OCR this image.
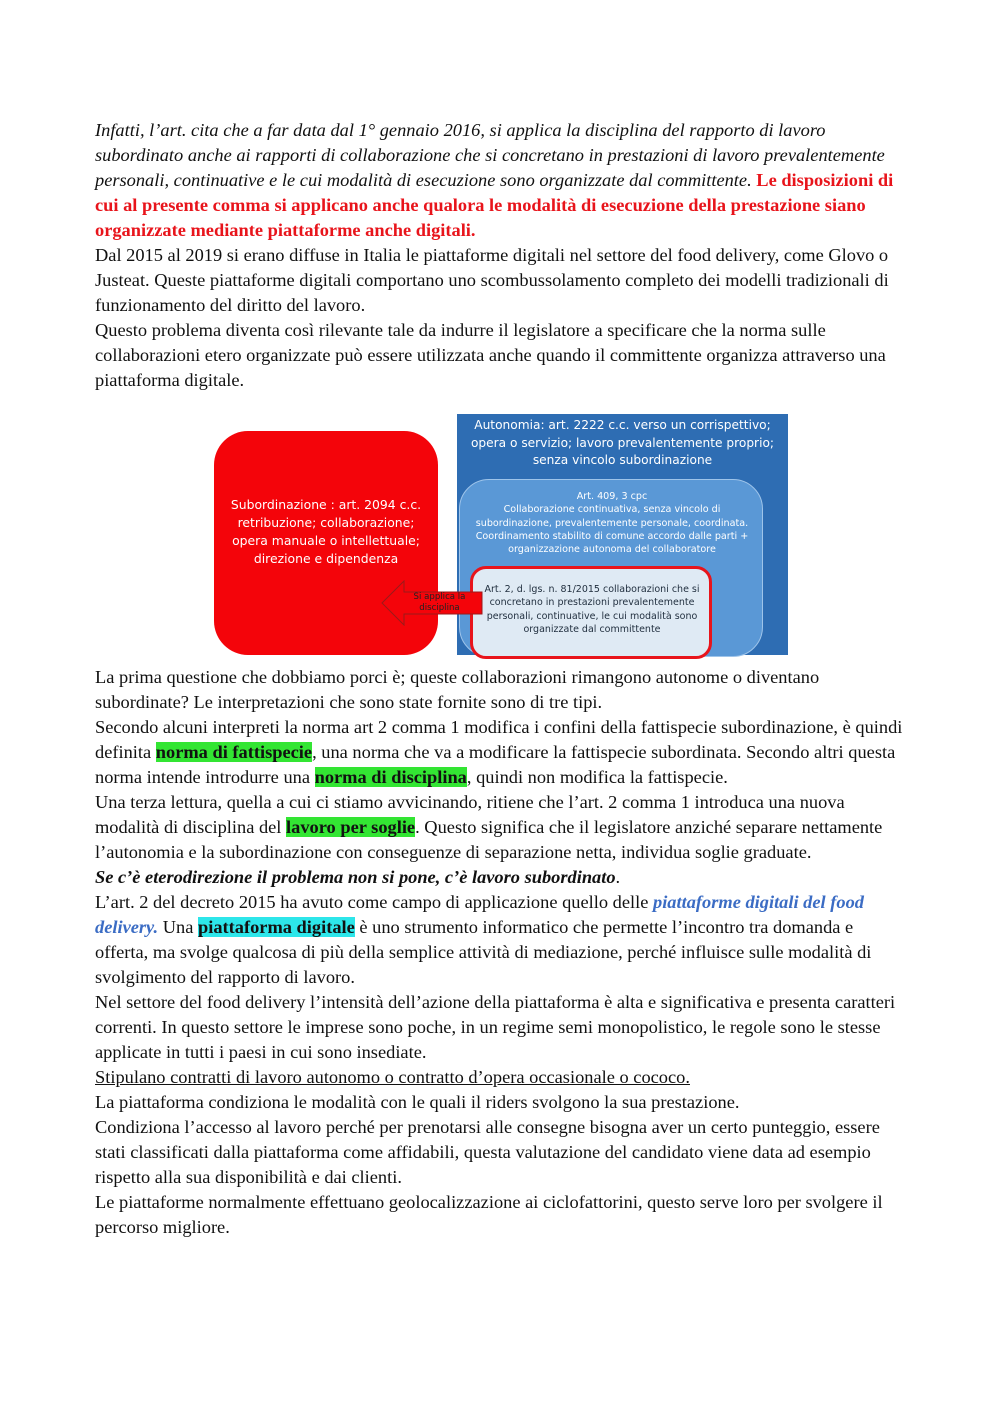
Infatti, l’art. cita che a far data dal 1° gennaio 2016, si applica la disciplina del rapporto di lavoro subordinato anche ai rapporti di collaborazione che si concretano in prestazioni di lavoro prevalentemente personali, continuative e le cui modalità di esecuzione sono organizzate dal committente. Le disposizioni di cui al presente comma si applicano anche qualora le modalità di esecuzione della prestazione siano organizzate mediante piattaforme anche digitali.

Dal 2015 al 2019 si erano diffuse in Italia le piattaforme digitali nel settore del food delivery, come Glovo o Justeat. Queste piattaforme digitali comportano uno scombussolamento completo dei modelli tradizionali di funzionamento del diritto del lavoro.

Questo problema diventa così rilevante tale da indurre il legislatore a specificare che la norma sulle collaborazioni etero organizzate può essere utilizzata anche quando il committente organizza attraverso una piattaforma digitale.

Subordinazione : art. 2094 c.c. retribuzione; collaborazione; opera manuale o intellettuale; direzione e dipendenza
Autonomia: art. 2222 c.c. verso un corrispettivo; opera o servizio; lavoro prevalentemente proprio; senza vincolo subordinazione
Art. 409, 3 cpc
Collaborazione continuativa, senza vincolo di subordinazione, prevalentemente personale, coordinata. Coordinamento stabilito di comune accordo dalle parti + organizzazione autonoma del collaboratore
Art. 2, d. lgs. n. 81/2015 collaborazioni che si concretano in prestazioni prevalentemente personali, continuative, le cui modalità sono organizzate dal committente
Si applica la disciplina

La prima questione che dobbiamo porci è; queste collaborazioni rimangono autonome o diventano subordinate? Le interpretazioni che sono state fornite sono di tre tipi.

Secondo alcuni interpreti la norma art 2 comma 1 modifica i confini della fattispecie subordinazione, è quindi definita norma di fattispecie, una norma che va a modificare la fattispecie subordinata. Secondo altri questa norma intende introdurre una norma di disciplina, quindi non modifica la fattispecie.

Una terza lettura, quella a cui ci stiamo avvicinando, ritiene che l’art. 2 comma 1 introduca una nuova modalità di disciplina del lavoro per soglie. Questo significa che il legislatore anziché separare nettamente l’autonomia e la subordinazione con conseguenze di separazione netta, individua soglie graduate.

Se c’è eterodirezione il problema non si pone, c’è lavoro subordinato.

L’art. 2 del decreto 2015 ha avuto come campo di applicazione quello delle piattaforme digitali del food delivery. Una piattaforma digitale è uno strumento informatico che permette l’incontro tra domanda e offerta, ma svolge qualcosa di più della semplice attività di mediazione, perché influisce sulle modalità di svolgimento del rapporto di lavoro.

Nel settore del food delivery l’intensità dell’azione della piattaforma è alta e significativa e presenta caratteri correnti. In questo settore le imprese sono poche, in un regime semi monopolistico, le regole sono le stesse applicate in tutti i paesi in cui sono insediate.

Stipulano contratti di lavoro autonomo o contratto d’opera occasionale o cococo.

La piattaforma condiziona le modalità con le quali il riders svolgono la sua prestazione.

Condiziona l’accesso al lavoro perché per prenotarsi alle consegne bisogna aver un certo punteggio, essere stati classificati dalla piattaforma come affidabili, questa valutazione del candidato viene data ad esempio rispetto alla sua disponibilità e dai clienti.

Le piattaforme normalmente effettuano geolocalizzazione ai ciclofattorini, questo serve loro per svolgere il percorso migliore.
